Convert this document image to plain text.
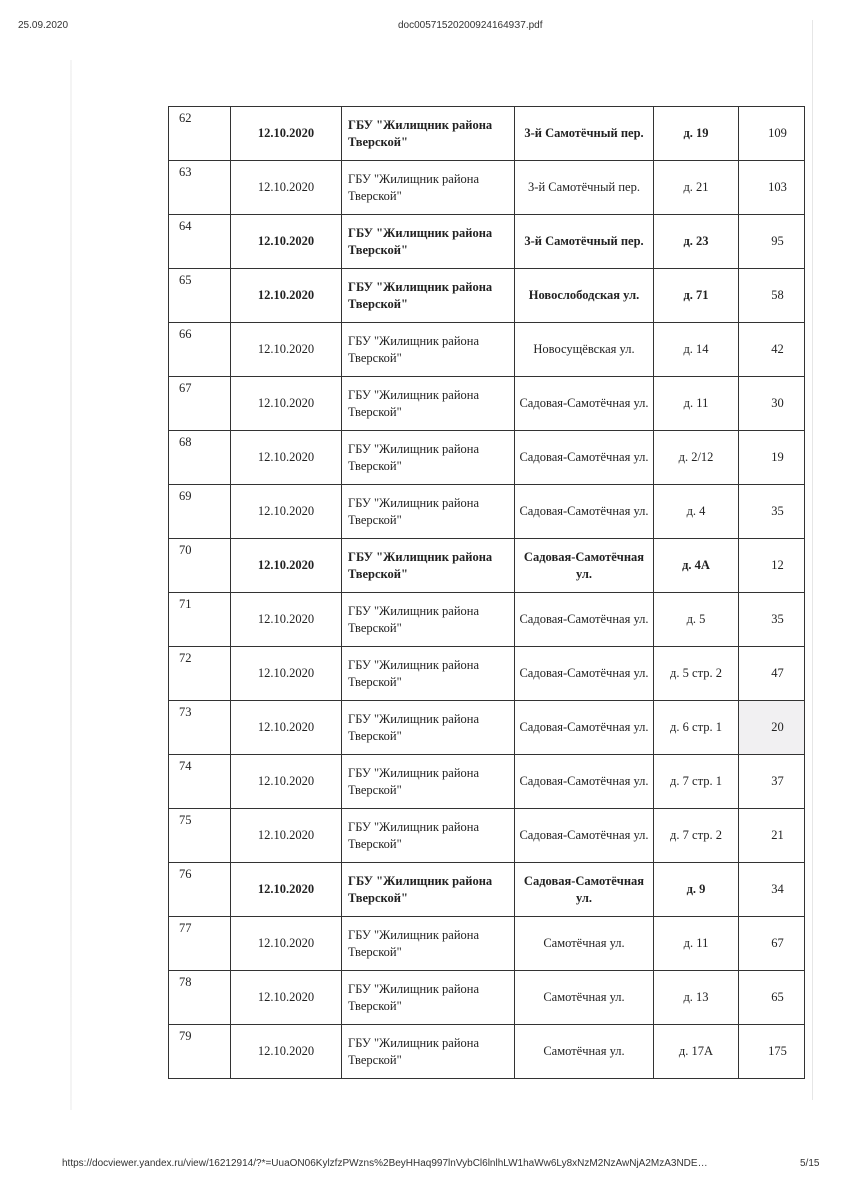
25.09.2020	doc005715202009241649З7.pdf
62	12.10.2020	ГБУ "Жилищник района
Тверской"	3-й Самотёчный пер.	д. 19	109
63	12.10.2020	ГБУ "Жилищник района
Тверской"	3-й Самотёчный пер.	д. 21	103
64	12.10.2020	ГБУ "Жилищник района
Тверской"	3-й Самотёчный пер.	д. 23	95
65	12.10.2020	ГБУ "Жилищник района
Тверской"	Новослободская ул.	д. 71	58
66	12.10.2020	ГБУ "Жилищник района
Тверской"	Новосущёвская ул.	д. 14	42
67	12.10.2020	ГБУ "Жилищник района
Тверской"	Садовая-Самотёчная ул.	д. 11	30
68	12.10.2020	ГБУ "Жилищник района
Тверской"	Садовая-Самотёчная ул.	д. 2/12	19
69	12.10.2020	ГБУ "Жилищник района
Тверской"	Садовая-Самотёчная ул.	д. 4	35
70	12.10.2020	ГБУ "Жилищник района
Тверской"	Садовая-Самотёчная ул.	д. 4А	12
71	12.10.2020	ГБУ "Жилищник района
Тверской"	Садовая-Самотёчная ул.	д. 5	35
72	12.10.2020	ГБУ "Жилищник района
Тверской"	Садовая-Самотёчная ул.	д. 5 стр. 2	47
73	12.10.2020	ГБУ "Жилищник района
Тверской"	Садовая-Самотёчная ул.	д. 6 стр. 1	20
74	12.10.2020	ГБУ "Жилищник района
Тверской"	Садовая-Самотёчная ул.	д. 7 стр. 1	37
75	12.10.2020	ГБУ "Жилищник района
Тверской"	Садовая-Самотёчная ул.	д. 7 стр. 2	21
76	12.10.2020	ГБУ "Жилищник района
Тверской"	Садовая-Самотёчная ул.	д. 9	34
77	12.10.2020	ГБУ "Жилищник района
Тверской"	Самотёчная ул.	д. 11	67
78	12.10.2020	ГБУ "Жилищник района
Тверской"	Самотёчная ул.	д. 13	65
79	12.10.2020	ГБУ "Жилищник района
Тверской"	Самотёчная ул.	д. 17А	175
https://docviewer.yandex.ru/view/16212914/?*=UuaON06KylzfzPWzns%2BeyHHaq997lnVybCl6lnlhLW1haWw6Ly8xNzM2NzAwNjA2MzA3NDE…	5/15
